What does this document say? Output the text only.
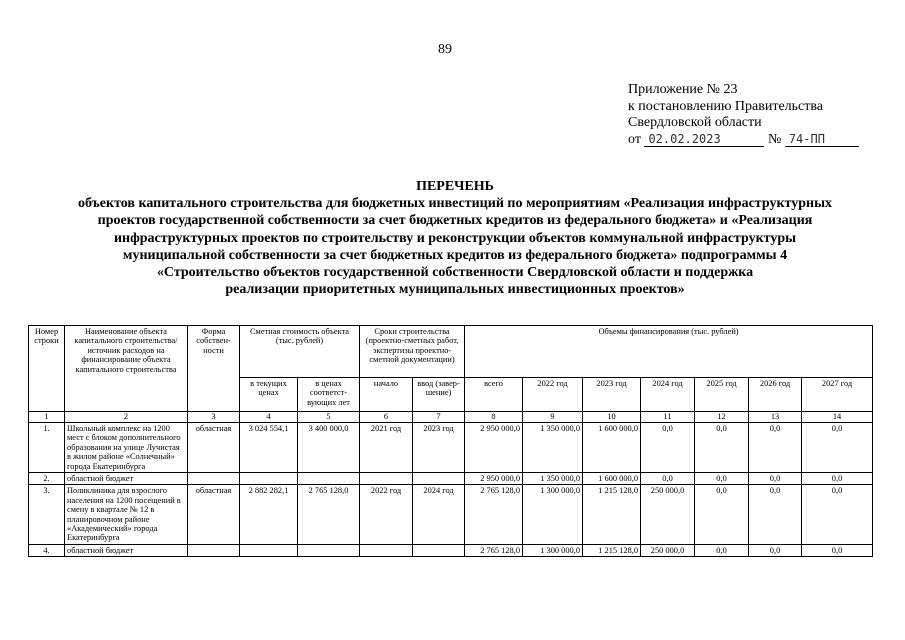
89
Приложение № 23
к постановлению Правительства
Свердловской области
от 02.02.2023	№ 74-ПП
ПЕРЕЧЕНЬ
объектов капитального строительства для бюджетных инвестиций по мероприятиям «Реализация инфраструктурных
проектов государственной собственности за счет бюджетных кредитов из федерального бюджета» и «Реализация
инфраструктурных проектов по строительству и реконструкции объектов коммунальной инфраструктуры
муниципальной собственности за счет бюджетных кредитов из федерального бюджета» подпрограммы 4
«Строительство объектов государственной собственности Свердловской области и поддержка
реализации приоритетных муниципальных инвестиционных проектов»
Номер строки	Наименование объекта капитального строительства/источник расходов на финансирование объекта капитального строительства	Форма собствен-ности	Сметная стоимость объекта (тыс. рублей)		Сроки строительства (проектно-сметных работ, экспертизы проектно-сметной документации)		Объемы финансирования (тыс. рублей)						
			в текущих ценах	в ценах соответст-вующих лет	начало	ввод (завер-шение)	всего	2022 год	2023 год	2024 год	2025 год	2026 год	2027 год
1	2	3	4	5	6	7	8	9	10	11	12	13	14
1.	Школьный комплекс на 1200 мест с блоком дополнительного образования на улице Лучистая в жилом районе «Солнечный» города Екатеринбурга	областная	3 024 554,1	3 400 000,0	2021 год	2023 год	2 950 000,0	1 350 000,0	1 600 000,0	0,0	0,0	0,0	0,0
2.	областной бюджет						2 950 000,0	1 350 000,0	1 600 000,0	0,0	0,0	0,0	0,0
3.	Поликлиника для взрослого населения на 1200 посещений в смену в квартале № 12 в планировочном районе «Академический» города Екатеринбурга	областная	2 882 282,1	2 765 128,0	2022 год	2024 год	2 765 128,0	1 300 000,0	1 215 128,0	250 000,0	0,0	0,0	0,0
4.	областной бюджет						2 765 128,0	1 300 000,0	1 215 128,0	250 000,0	0,0	0,0	0,0
